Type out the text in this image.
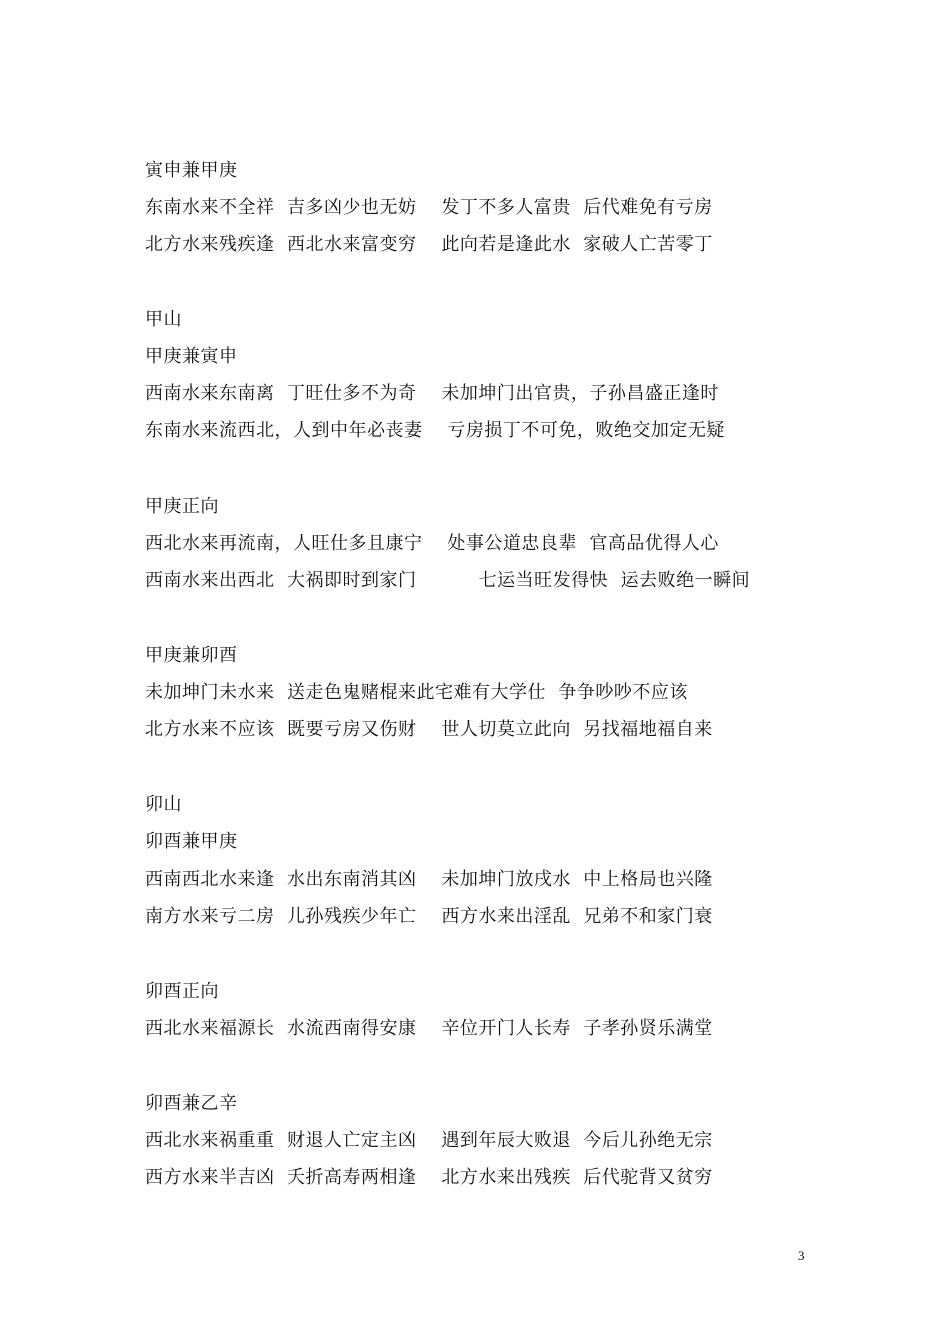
寅申兼甲庚
东南水来不全祥  吉多凶少也无妨    发丁不多人富贵  后代难免有亏房
北方水来残疾逢  西北水来富变穷    此向若是逢此水  家破人亡苦零丁
甲山
甲庚兼寅申
西南水来东南离  丁旺仕多不为奇    未加坤门出官贵，子孙昌盛正逢时
东南水来流西北，人到中年必丧妻    亏房损丁不可免，败绝交加定无疑
甲庚正向
西北水来再流南，人旺仕多且康宁    处事公道忠良辈  官高品优得人心
西南水来出西北  大祸即时到家门          七运当旺发得快  运去败绝一瞬间
甲庚兼卯酉
未加坤门未水来  送走色鬼赌棍来此宅难有大学仕  争争吵吵不应该
北方水来不应该  既要亏房又伤财    世人切莫立此向  另找福地福自来
卯山
卯酉兼甲庚
西南西北水来逢  水出东南消其凶    未加坤门放戌水  中上格局也兴隆
南方水来亏二房  儿孙残疾少年亡    西方水来出淫乱  兄弟不和家门衰
卯酉正向
西北水来福源长  水流西南得安康    辛位开门人长寿  子孝孙贤乐满堂
卯酉兼乙辛
西北水来祸重重  财退人亡定主凶    遇到年辰大败退  今后儿孙绝无宗
西方水来半吉凶  夭折高寿两相逢    北方水来出残疾  后代驼背又贫穷
3
